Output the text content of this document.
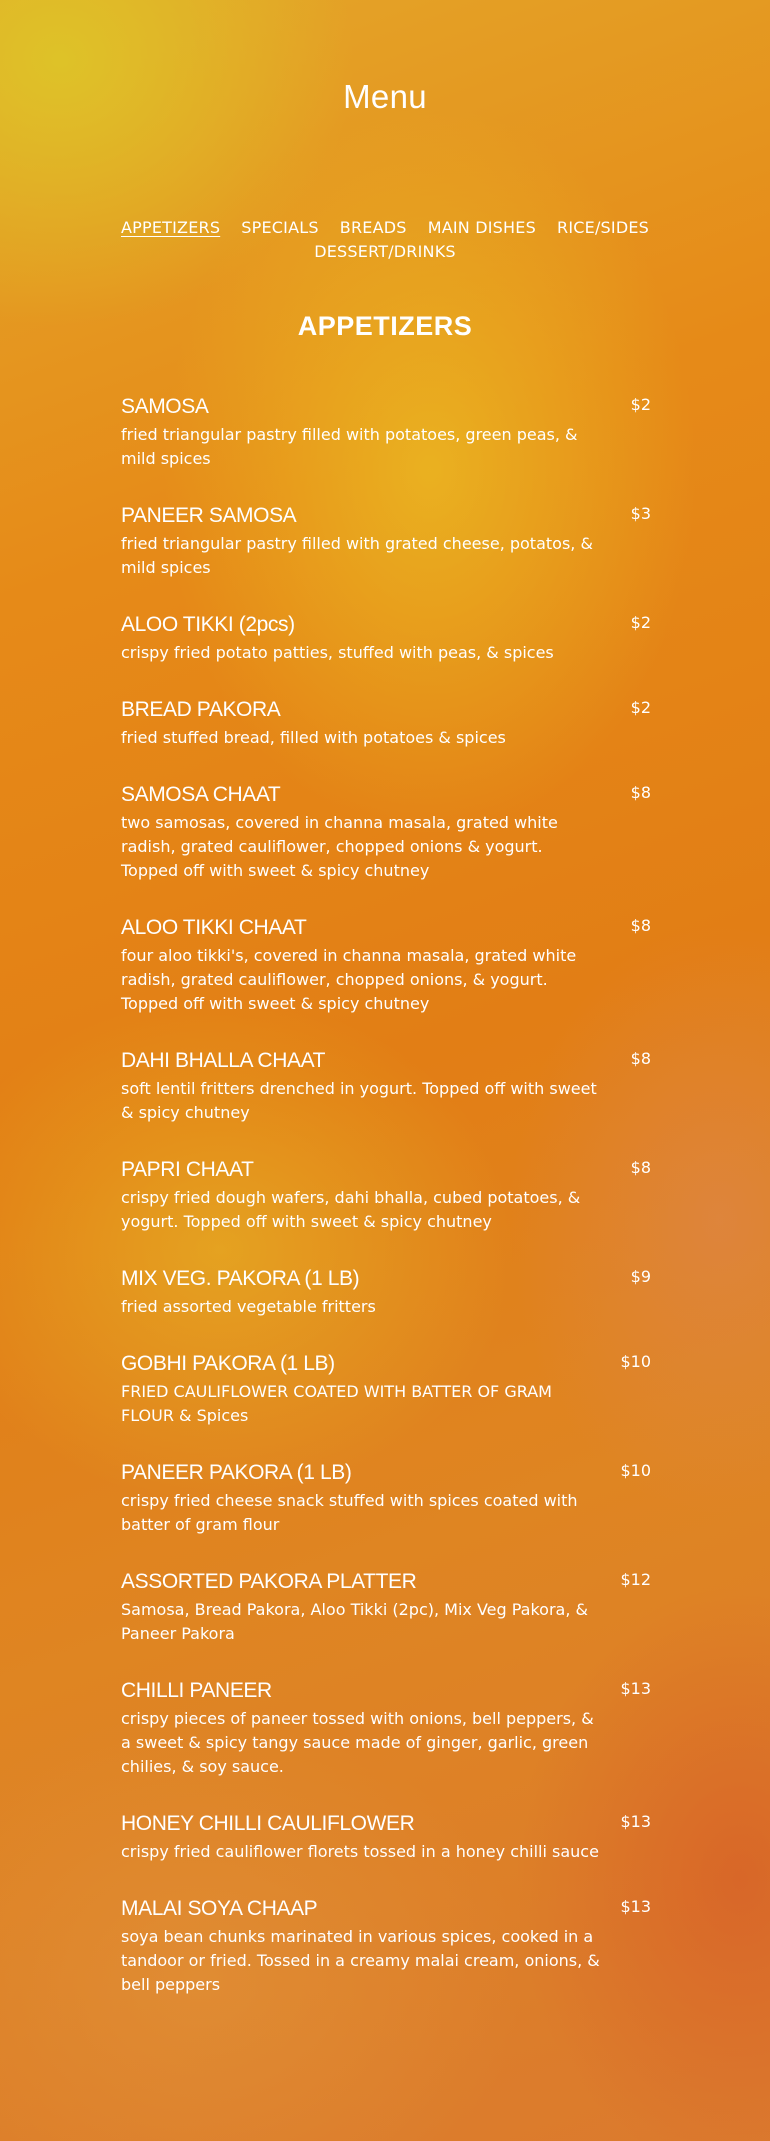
Menu
APPETIZERS SPECIALS BREADS MAIN DISHES RICE/SIDES
DESSERT/DRINKS
APPETIZERS
SAMOSA	$2
fried triangular pastry filled with potatoes, green peas, & mild spices
PANEER SAMOSA	$3
fried triangular pastry filled with grated cheese, potatos, & mild spices
ALOO TIKKI (2pcs)	$2
crispy fried potato patties, stuffed with peas, & spices
BREAD PAKORA	$2
fried stuffed bread, filled with potatoes & spices
SAMOSA CHAAT	$8
two samosas, covered in channa masala, grated white radish, grated cauliflower, chopped onions & yogurt. Topped off with sweet & spicy chutney
ALOO TIKKI CHAAT	$8
four aloo tikki's, covered in channa masala, grated white radish, grated cauliflower, chopped onions, & yogurt. Topped off with sweet & spicy chutney
DAHI BHALLA CHAAT	$8
soft lentil fritters drenched in yogurt. Topped off with sweet & spicy chutney
PAPRI CHAAT	$8
crispy fried dough wafers, dahi bhalla, cubed potatoes, & yogurt. Topped off with sweet & spicy chutney
MIX VEG. PAKORA (1 LB)	$9
fried assorted vegetable fritters
GOBHI PAKORA (1 LB)	$10
FRIED CAULIFLOWER COATED WITH BATTER OF GRAM FLOUR & Spices
PANEER PAKORA (1 LB)	$10
crispy fried cheese snack stuffed with spices coated with batter of gram flour
ASSORTED PAKORA PLATTER	$12
Samosa, Bread Pakora, Aloo Tikki (2pc), Mix Veg Pakora, & Paneer Pakora
CHILLI PANEER	$13
crispy pieces of paneer tossed with onions, bell peppers, & a sweet & spicy tangy sauce made of ginger, garlic, green chilies, & soy sauce.
HONEY CHILLI CAULIFLOWER	$13
crispy fried cauliflower florets tossed in a honey chilli sauce
MALAI SOYA CHAAP	$13
soya bean chunks marinated in various spices, cooked in a tandoor or fried. Tossed in a creamy malai cream, onions, & bell peppers
